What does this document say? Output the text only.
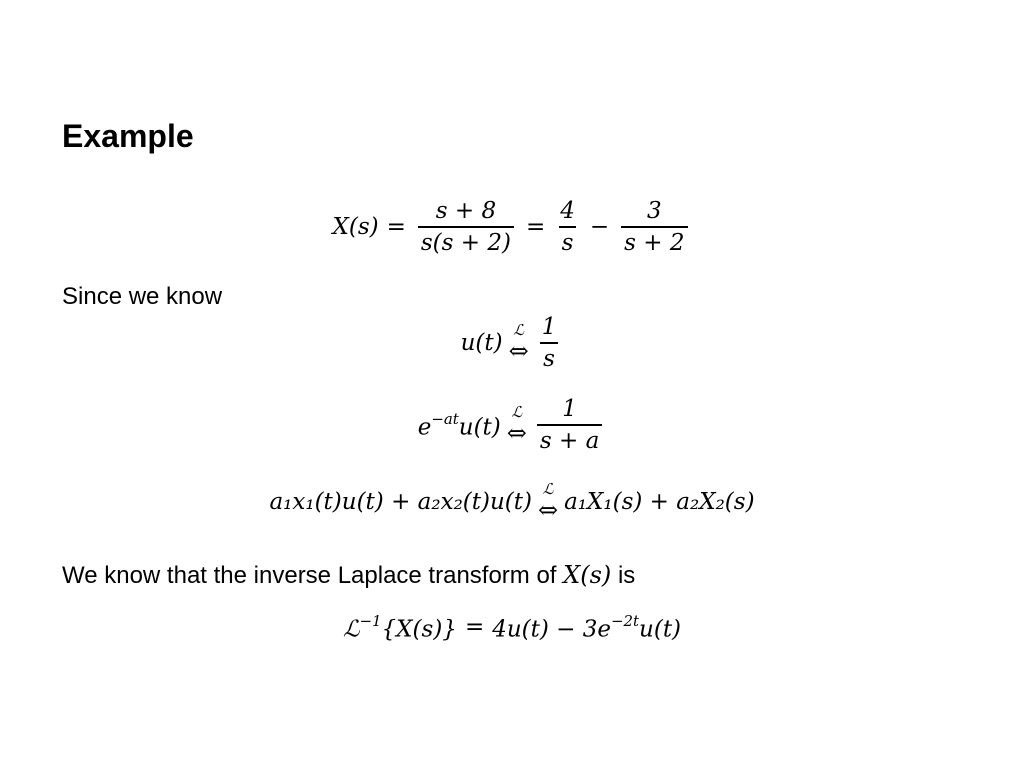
Example
$X(s) = \frac{s + 8}{s(s + 2)} = \frac{4}{s} - \frac{3}{s + 2}$
Since we know
u(t) ℒ
⇔ $\frac{1}{s}$
$e^{-at}u(t)$
ℒ
⇔ $\frac{1}{s + a}$
a₁x₁(t)u(t) + a₂x₂(t)u(t) ℒ
⇔ a₁X₁(s) + a₂X₂(s)
We know that the inverse Laplace transform of X(s) is
ℒ$^{-1}${X(s)} = $4u(t) - 3e^{-2t}u(t)$
